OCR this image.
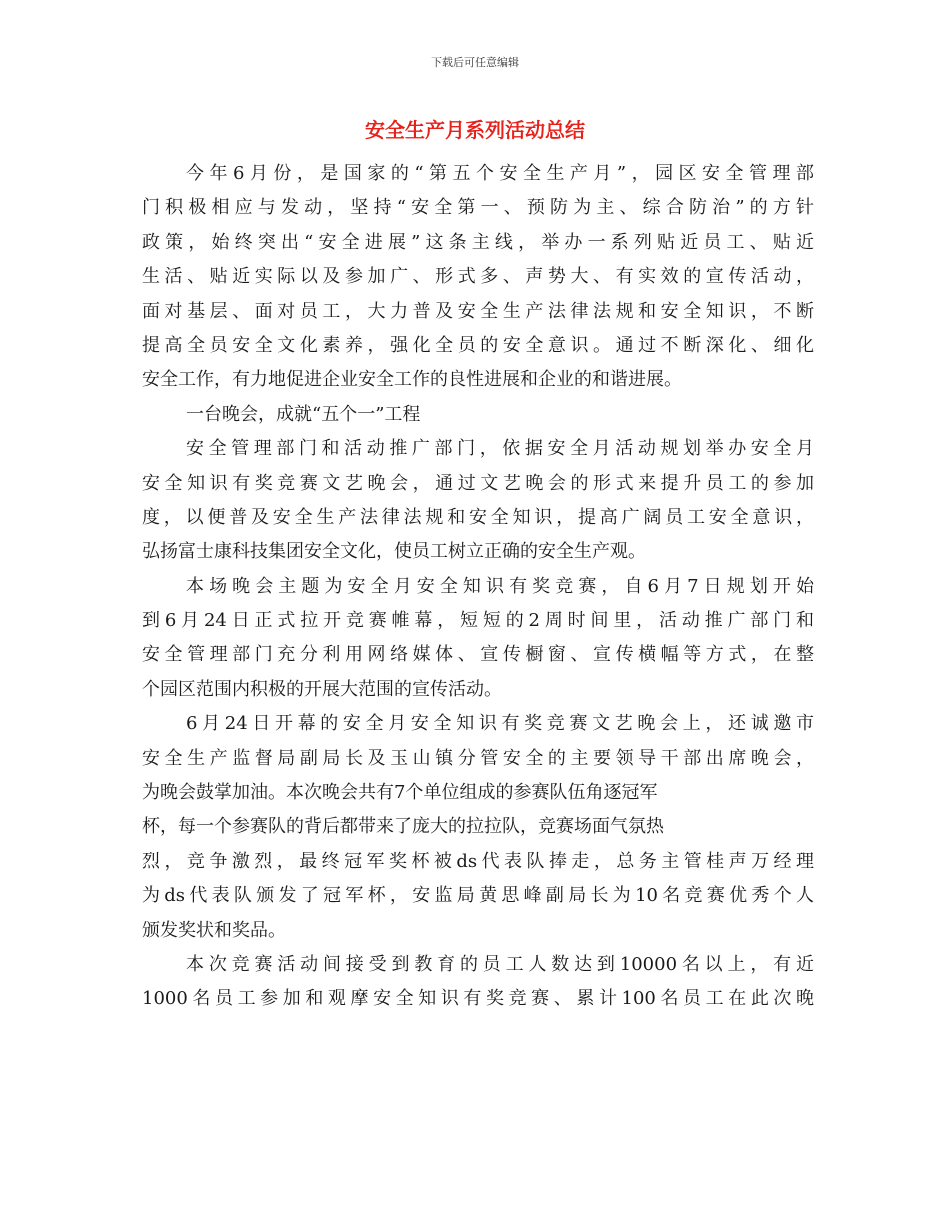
下载后可任意编辑
安全生产月系列活动总结
今年6月份，是国家的“第五个安全生产月”，园区安全管理部
门积极相应与发动，坚持“安全第一、预防为主、综合防治”的方针
政策，始终突出“安全进展”这条主线，举办一系列贴近员工、贴近
生活、贴近实际以及参加广、形式多、声势大、有实效的宣传活动，
面对基层、面对员工，大力普及安全生产法律法规和安全知识，不断
提高全员安全文化素养，强化全员的安全意识。通过不断深化、细化
安全工作，有力地促进企业安全工作的良性进展和企业的和谐进展。
一台晚会，成就“五个一”工程
安全管理部门和活动推广部门，依据安全月活动规划举办安全月
安全知识有奖竞赛文艺晚会，通过文艺晚会的形式来提升员工的参加
度，以便普及安全生产法律法规和安全知识，提高广阔员工安全意识，
弘扬富士康科技集团安全文化，使员工树立正确的安全生产观。
本场晚会主题为安全月安全知识有奖竞赛，自6月7日规划开始
到6月24日正式拉开竞赛帷幕，短短的2周时间里，活动推广部门和
安全管理部门充分利用网络媒体、宣传橱窗、宣传横幅等方式，在整
个园区范围内积极的开展大范围的宣传活动。
6月24日开幕的安全月安全知识有奖竞赛文艺晚会上，还诚邀市
安全生产监督局副局长及玉山镇分管安全的主要领导干部出席晚会，
为晚会鼓掌加油。本次晚会共有7个单位组成的参赛队伍角逐冠军
杯，每一个参赛队的背后都带来了庞大的拉拉队，竞赛场面气氛热
烈，竞争激烈，最终冠军奖杯被ds代表队捧走，总务主管桂声万经理
为ds代表队颁发了冠军杯，安监局黄思峰副局长为10名竞赛优秀个人
颁发奖状和奖品。
本次竞赛活动间接受到教育的员工人数达到10000名以上，有近
1000名员工参加和观摩安全知识有奖竞赛、累计100名员工在此次晚
